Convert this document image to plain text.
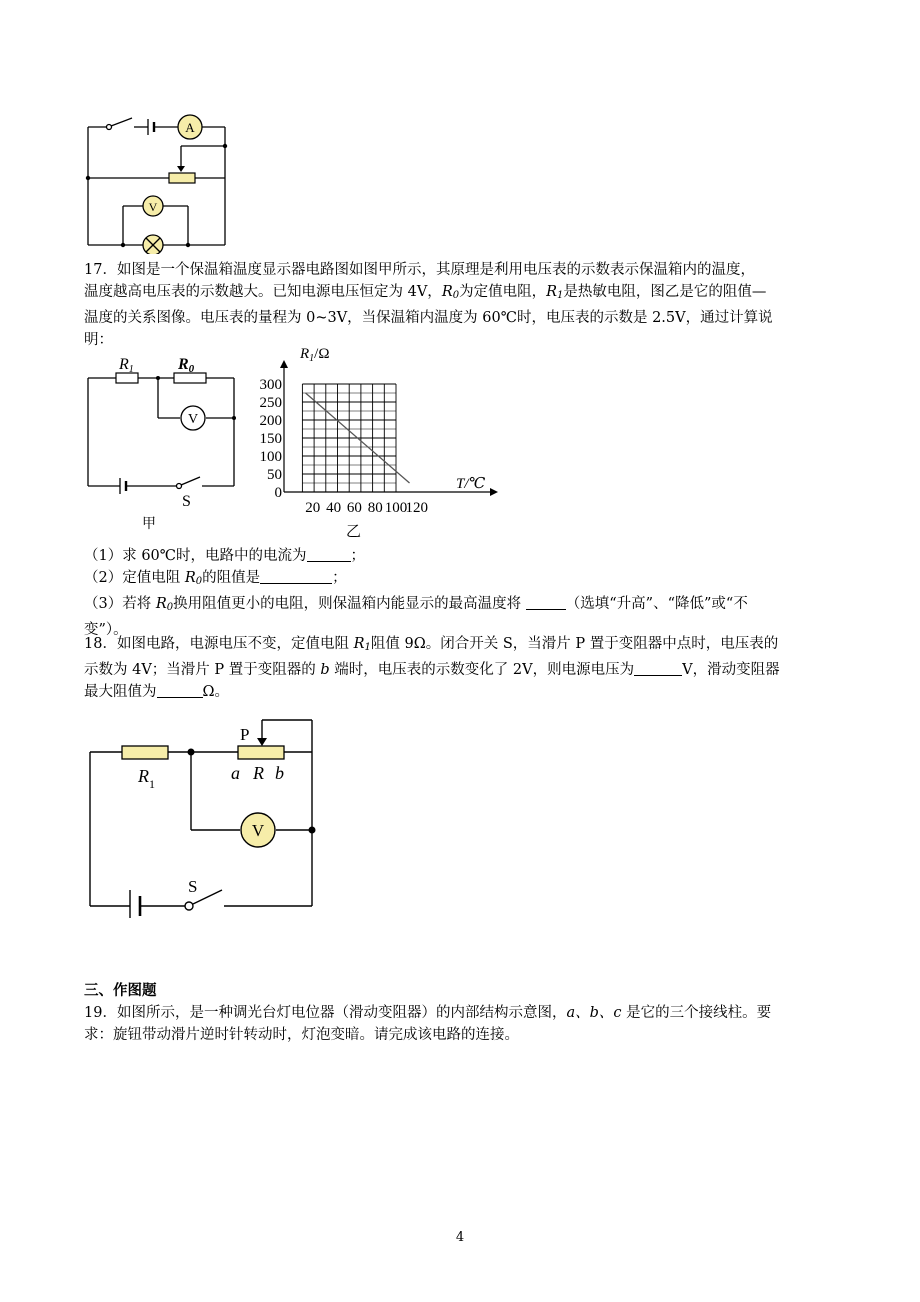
A
V
17．如图是一个保温箱温度显示器电路图如图甲所示，其原理是利用电压表的示数表示保温箱内的温度，
温度越高电压表的示数越大。已知电源电压恒定为 4V，$R_0$为定值电阻，$R_1$是热敏电阻，图乙是它的阻值—
温度的关系图像。电压表的量程为 0~3V，当保温箱内温度为 60℃时，电压表的示数是 2.5V，通过计算说
明：
R1	R0
V
S
甲
$R_1/\Omega$
T/℃
乙
300
250
200
150
100
50
0
20 40 60 80 100
120
（1）求 60℃时，电路中的电流为	；
（2）定值电阻 $R_0$的阻值是	；
（3）若将 $R_0$换用阻值更小的电阻，则保温箱内能显示的最高温度将	（选填“升高”、“降低”或“不
变”）。
18．如图电路，电源电压不变，定值电阻 $R_1$阻值 9Ω。闭合开关 S，当滑片 P 置于变阻器中点时，电压表的
示数为 4V；当滑片 P 置于变阻器的 b 端时，电压表的示数变化了 2V，则电源电压为	V，滑动变阻器
最大阻值为	Ω。
P
$R_1$
a R b
V
S
三、作图题
19．如图所示，是一种调光台灯电位器（滑动变阻器）的内部结构示意图，a、b、c 是它的三个接线柱。要
求：旋钮带动滑片逆时针转动时，灯泡变暗。请完成该电路的连接。
4
